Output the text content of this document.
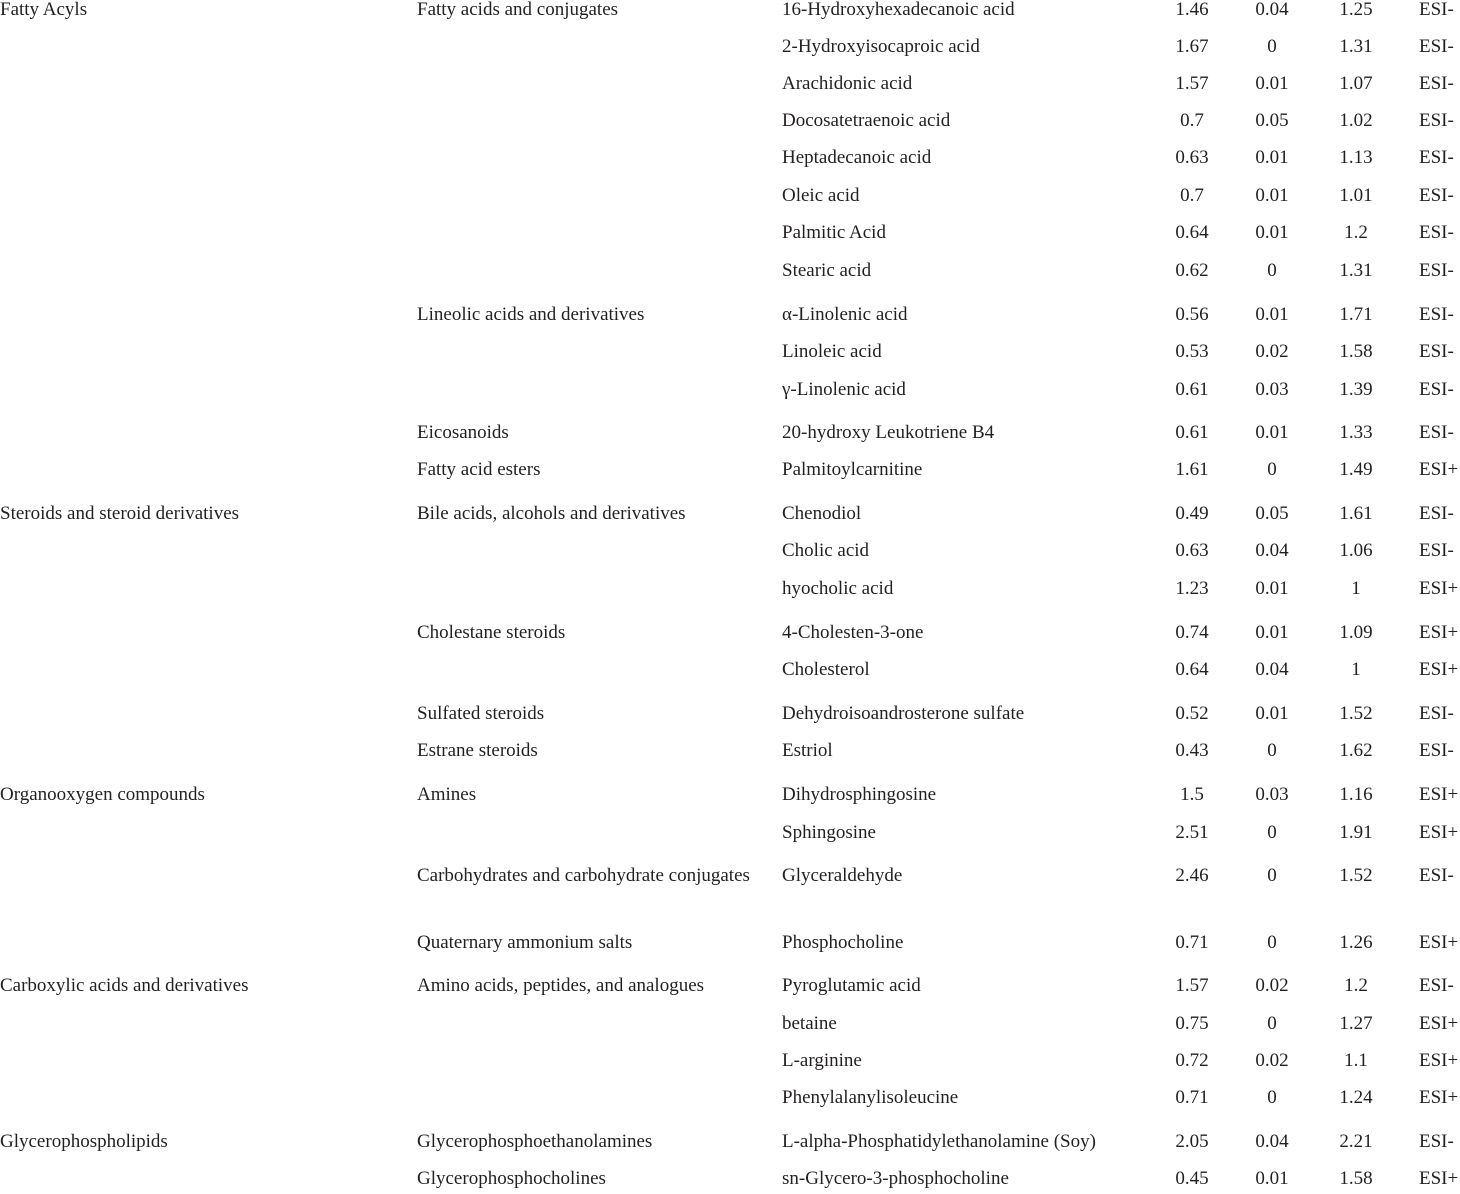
Fatty Acyls	Fatty acids and conjugates	16-Hydroxyhexadecanoic acid	1.46	0.04	1.25	ESI-
2-Hydroxyisocaproic acid	1.67	0	1.31	ESI-
Arachidonic acid	1.57	0.01	1.07	ESI-
Docosatetraenoic acid	0.7	0.05	1.02	ESI-
Heptadecanoic acid	0.63	0.01	1.13	ESI-
Oleic acid	0.7	0.01	1.01	ESI-
Palmitic Acid	0.64	0.01	1.2	ESI-
Stearic acid	0.62	0	1.31	ESI-
Lineolic acids and derivatives	α-Linolenic acid	0.56	0.01	1.71	ESI-
Linoleic acid	0.53	0.02	1.58	ESI-
γ-Linolenic acid	0.61	0.03	1.39	ESI-
Eicosanoids	20-hydroxy Leukotriene B4	0.61	0.01	1.33	ESI-
Fatty acid esters	Palmitoylcarnitine	1.61	0	1.49	ESI+
Steroids and steroid derivatives	Bile acids, alcohols and derivatives	Chenodiol	0.49	0.05	1.61	ESI-
Cholic acid	0.63	0.04	1.06	ESI-
hyocholic acid	1.23	0.01	1	ESI+
Cholestane steroids	4-Cholesten-3-one	0.74	0.01	1.09	ESI+
Cholesterol	0.64	0.04	1	ESI+
Sulfated steroids	Dehydroisoandrosterone sulfate	0.52	0.01	1.52	ESI-
Estrane steroids	Estriol	0.43	0	1.62	ESI-
Organooxygen compounds	Amines	Dihydrosphingosine	1.5	0.03	1.16	ESI+
Sphingosine	2.51	0	1.91	ESI+
Carbohydrates and carbohydrate conjugates	Glyceraldehyde	2.46	0	1.52	ESI-
Quaternary ammonium salts	Phosphocholine	0.71	0	1.26	ESI+
Carboxylic acids and derivatives	Amino acids, peptides, and analogues	Pyroglutamic acid	1.57	0.02	1.2	ESI-
betaine	0.75	0	1.27	ESI+
L-arginine	0.72	0.02	1.1	ESI+
Phenylalanylisoleucine	0.71	0	1.24	ESI+
Glycerophospholipids	Glycerophosphoethanolamines	L-alpha-Phosphatidylethanolamine (Soy)	2.05	0.04	2.21	ESI-
Glycerophosphocholines	sn-Glycero-3-phosphocholine	0.45	0.01	1.58	ESI+
